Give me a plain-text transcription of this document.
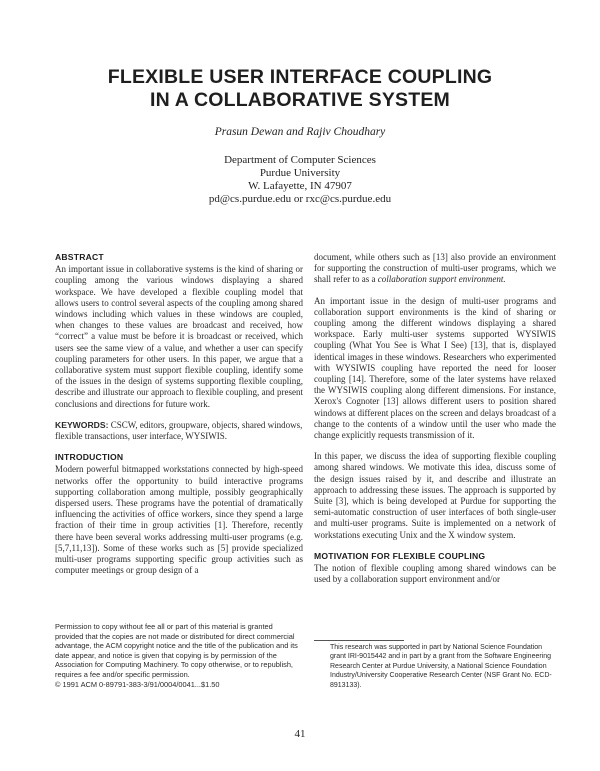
FLEXIBLE USER INTERFACE COUPLING
IN A COLLABORATIVE SYSTEM
Prasun Dewan and Rajiv Choudhary
Department of Computer Sciences
Purdue University
W. Lafayette, IN 47907
pd@cs.purdue.edu or rxc@cs.purdue.edu
ABSTRACT

An important issue in collaborative systems is the kind of sharing or coupling among the various windows displaying a shared workspace. We have developed a flexible coupling model that allows users to control several aspects of the coupling among shared windows including which values in these windows are coupled, when changes to these values are broadcast and received, how “correct” a value must be before it is broadcast or received, which users see the same view of a value, and whether a user can specify coupling parameters for other users. In this paper, we argue that a collaborative system must support flexible coupling, identify some of the issues in the design of systems supporting flexible coupling, describe and illustrate our approach to flexible coupling, and present conclusions and directions for future work.

KEYWORDS: CSCW, editors, groupware, objects, shared windows, flexible transactions, user interface, WYSIWIS.

INTRODUCTION

Modern powerful bitmapped workstations connected by high-speed networks offer the opportunity to build interactive programs supporting collaboration among multiple, possibly geographically dispersed users. These programs have the potential of dramatically influencing the activities of office workers, since they spend a large fraction of their time in group activities [1]. Therefore, recently there have been several works addressing multi-user programs (e.g. [5,7,11,13]). Some of these works such as [5] provide specialized multi-user programs supporting specific group activities such as computer meetings or group design of a

Permission to copy without fee all or part of this material is granted provided that the copies are not made or distributed for direct commercial advantage, the ACM copyright notice and the title of the publication and its date appear, and notice is given that copying is by permission of the Association for Computing Machinery. To copy otherwise, or to republish, requires a fee and/or specific permission.
© 1991 ACM 0-89791-383-3/91/0004/0041...$1.50

document, while others such as [13] also provide an environment for supporting the construction of multi-user programs, which we shall refer to as a collaboration support environment.

An important issue in the design of multi-user programs and collaboration support environments is the kind of sharing or coupling among the different windows displaying a shared workspace. Early multi-user systems supported WYSIWIS coupling (What You See is What I See) [13], that is, displayed identical images in these windows. Researchers who experimented with WYSIWIS coupling have reported the need for looser coupling [14]. Therefore, some of the later systems have relaxed the WYSIWIS coupling along different dimensions. For instance, Xerox's Cognoter [13] allows different users to position shared windows at different places on the screen and delays broadcast of a change to the contents of a window until the user who made the change explicitly requests transmission of it.

In this paper, we discuss the idea of supporting flexible coupling among shared windows. We motivate this idea, discuss some of the design issues raised by it, and describe and illustrate an approach to addressing these issues. The approach is supported by Suite [3], which is being developed at Purdue for supporting the semi-automatic construction of user interfaces of both single-user and multi-user programs. Suite is implemented on a network of workstations executing Unix and the X window system.

MOTIVATION FOR FLEXIBLE COUPLING

The notion of flexible coupling among shared windows can be used by a collaboration support environment and/or

This research was supported in part by National Science Foundation grant IRI-9015442 and in part by a grant from the Software Engineering Research Center at Purdue University, a National Science Foundation Industry/University Cooperative Research Center (NSF Grant No. ECD-8913133).
41
